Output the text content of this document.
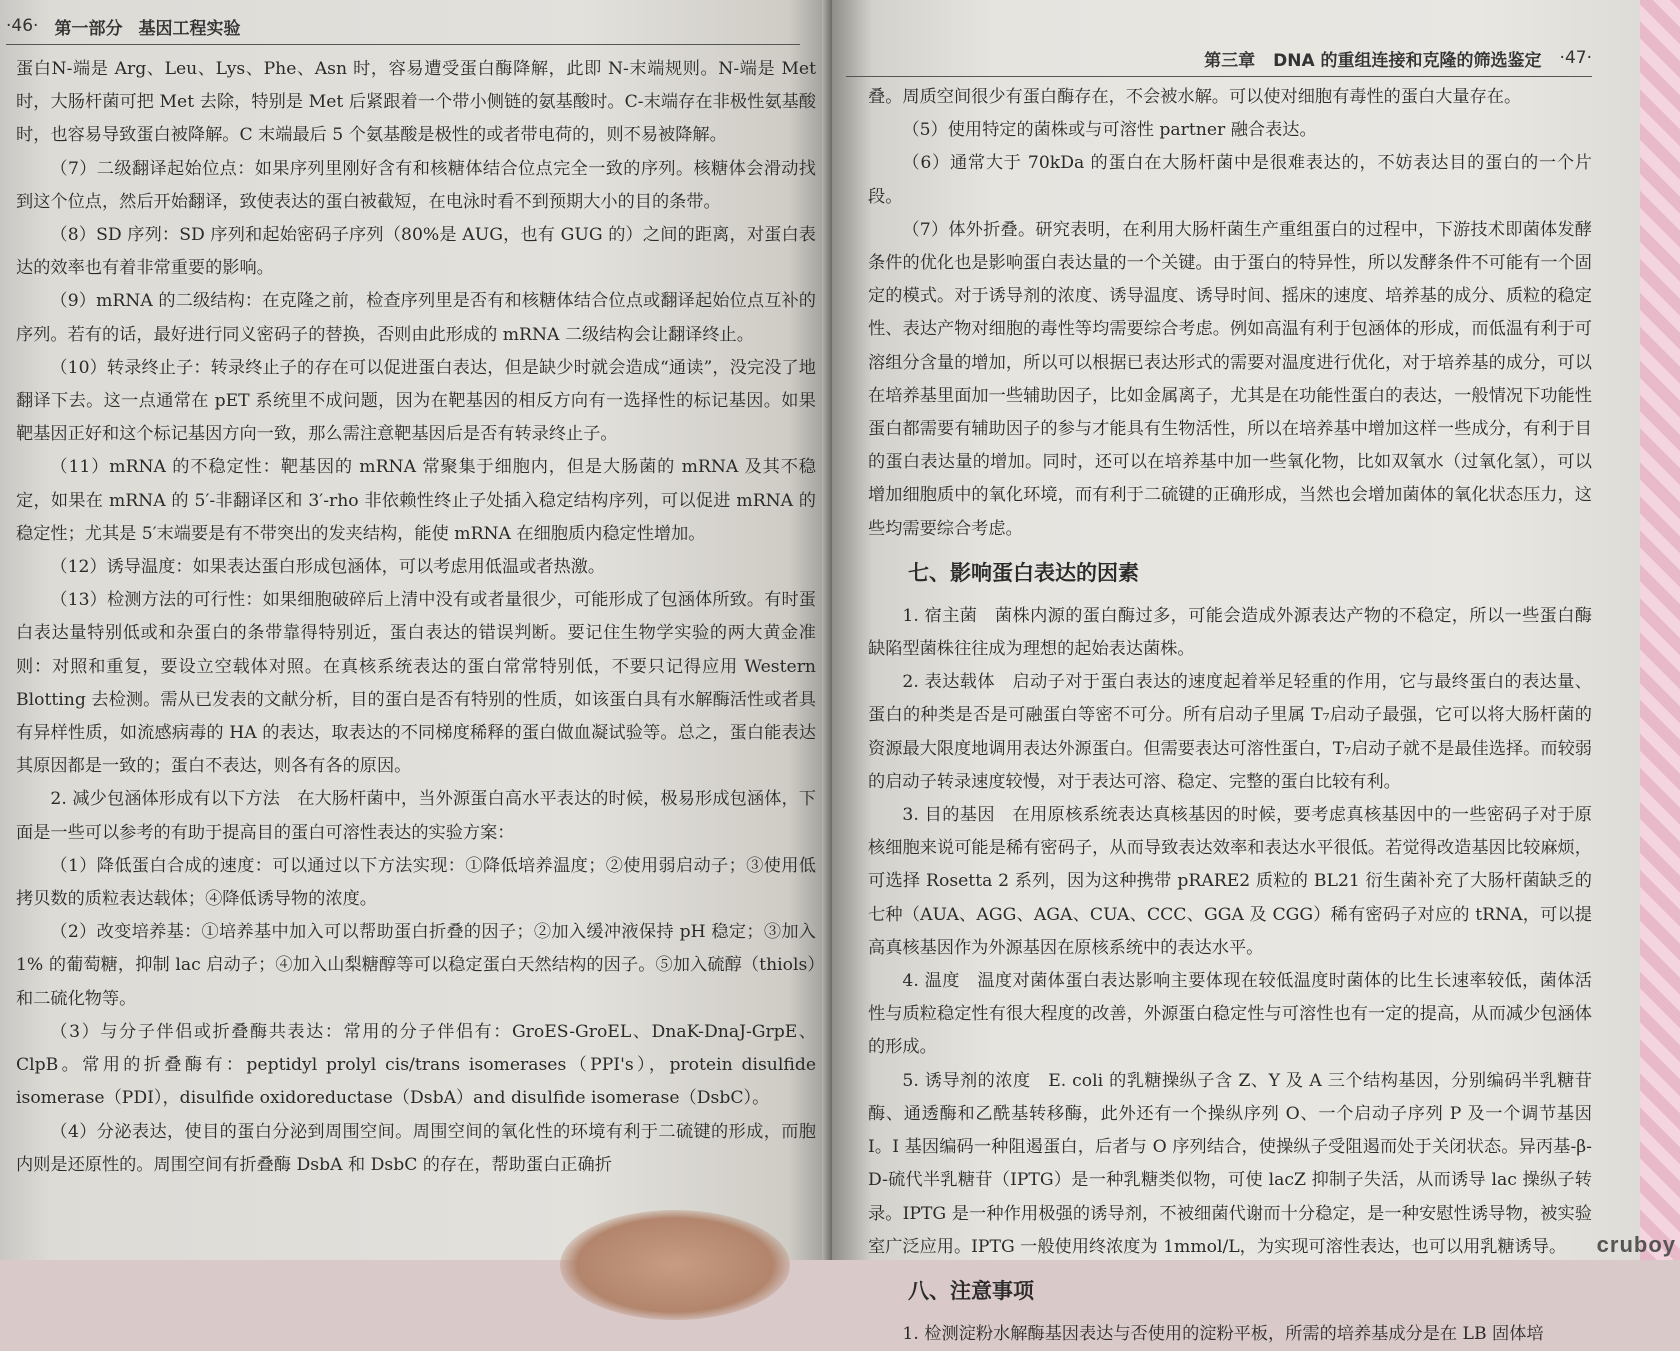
·46· 第一部分 基因工程实验

蛋白N-端是 Arg、Leu、Lys、Phe、Asn 时，容易遭受蛋白酶降解，此即 N-末端规则。N-端是 Met 时，大肠杆菌可把 Met 去除，特别是 Met 后紧跟着一个带小侧链的氨基酸时。C-末端存在非极性氨基酸时，也容易导致蛋白被降解。C 末端最后 5 个氨基酸是极性的或者带电荷的，则不易被降解。

（7）二级翻译起始位点：如果序列里刚好含有和核糖体结合位点完全一致的序列。核糖体会滑动找到这个位点，然后开始翻译，致使表达的蛋白被截短，在电泳时看不到预期大小的目的条带。

（8）SD 序列：SD 序列和起始密码子序列（80%是 AUG，也有 GUG 的）之间的距离，对蛋白表达的效率也有着非常重要的影响。

（9）mRNA 的二级结构：在克隆之前，检查序列里是否有和核糖体结合位点或翻译起始位点互补的序列。若有的话，最好进行同义密码子的替换，否则由此形成的 mRNA 二级结构会让翻译终止。

（10）转录终止子：转录终止子的存在可以促进蛋白表达，但是缺少时就会造成“通读”，没完没了地翻译下去。这一点通常在 pET 系统里不成问题，因为在靶基因的相反方向有一选择性的标记基因。如果靶基因正好和这个标记基因方向一致，那么需注意靶基因后是否有转录终止子。

（11）mRNA 的不稳定性：靶基因的 mRNA 常聚集于细胞内，但是大肠菌的 mRNA 及其不稳定，如果在 mRNA 的 5′-非翻译区和 3′-rho 非依赖性终止子处插入稳定结构序列，可以促进 mRNA 的稳定性；尤其是 5′末端要是有不带突出的发夹结构，能使 mRNA 在细胞质内稳定性增加。

（12）诱导温度：如果表达蛋白形成包涵体，可以考虑用低温或者热激。

（13）检测方法的可行性：如果细胞破碎后上清中没有或者量很少，可能形成了包涵体所致。有时蛋白表达量特别低或和杂蛋白的条带靠得特别近，蛋白表达的错误判断。要记住生物学实验的两大黄金准则：对照和重复，要设立空载体对照。在真核系统表达的蛋白常常特别低，不要只记得应用 Western Blotting 去检测。需从已发表的文献分析，目的蛋白是否有特别的性质，如该蛋白具有水解酶活性或者具有异样性质，如流感病毒的 HA 的表达，取表达的不同梯度稀释的蛋白做血凝试验等。总之，蛋白能表达其原因都是一致的；蛋白不表达，则各有各的原因。

2. 减少包涵体形成有以下方法　在大肠杆菌中，当外源蛋白高水平表达的时候，极易形成包涵体，下面是一些可以参考的有助于提高目的蛋白可溶性表达的实验方案：

（1）降低蛋白合成的速度：可以通过以下方法实现：①降低培养温度；②使用弱启动子；③使用低拷贝数的质粒表达载体；④降低诱导物的浓度。

（2）改变培养基：①培养基中加入可以帮助蛋白折叠的因子；②加入缓冲液保持 pH 稳定；③加入 1% 的葡萄糖，抑制 lac 启动子；④加入山梨糖醇等可以稳定蛋白天然结构的因子。⑤加入硫醇（thiols）和二硫化物等。

（3）与分子伴侣或折叠酶共表达：常用的分子伴侣有：GroES-GroEL、DnaK-DnaJ-GrpE、ClpB。常用的折叠酶有：peptidyl prolyl cis/trans isomerases（PPI's），protein disulfide isomerase（PDI），disulfide oxidoreductase（DsbA）and disulfide isomerase（DsbC）。

（4）分泌表达，使目的蛋白分泌到周围空间。周围空间的氧化性的环境有利于二硫键的形成，而胞内则是还原性的。周围空间有折叠酶 DsbA 和 DsbC 的存在，帮助蛋白正确折

第三章 DNA 的重组连接和克隆的筛选鉴定 ·47·

叠。周质空间很少有蛋白酶存在，不会被水解。可以使对细胞有毒性的蛋白大量存在。

（5）使用特定的菌株或与可溶性 partner 融合表达。

（6）通常大于 70kDa 的蛋白在大肠杆菌中是很难表达的，不妨表达目的蛋白的一个片段。

（7）体外折叠。研究表明，在利用大肠杆菌生产重组蛋白的过程中，下游技术即菌体发酵条件的优化也是影响蛋白表达量的一个关键。由于蛋白的特异性，所以发酵条件不可能有一个固定的模式。对于诱导剂的浓度、诱导温度、诱导时间、摇床的速度、培养基的成分、质粒的稳定性、表达产物对细胞的毒性等均需要综合考虑。例如高温有利于包涵体的形成，而低温有利于可溶组分含量的增加，所以可以根据已表达形式的需要对温度进行优化，对于培养基的成分，可以在培养基里面加一些辅助因子，比如金属离子，尤其是在功能性蛋白的表达，一般情况下功能性蛋白都需要有辅助因子的参与才能具有生物活性，所以在培养基中增加这样一些成分，有利于目的蛋白表达量的增加。同时，还可以在培养基中加一些氧化物，比如双氧水（过氧化氢），可以增加细胞质中的氧化环境，而有利于二硫键的正确形成，当然也会增加菌体的氧化状态压力，这些均需要综合考虑。

七、影响蛋白表达的因素

1. 宿主菌　菌株内源的蛋白酶过多，可能会造成外源表达产物的不稳定，所以一些蛋白酶缺陷型菌株往往成为理想的起始表达菌株。

2. 表达载体　启动子对于蛋白表达的速度起着举足轻重的作用，它与最终蛋白的表达量、蛋白的种类是否是可融蛋白等密不可分。所有启动子里属 T₇启动子最强，它可以将大肠杆菌的资源最大限度地调用表达外源蛋白。但需要表达可溶性蛋白，T₇启动子就不是最佳选择。而较弱的启动子转录速度较慢，对于表达可溶、稳定、完整的蛋白比较有利。

3. 目的基因　在用原核系统表达真核基因的时候，要考虑真核基因中的一些密码子对于原核细胞来说可能是稀有密码子，从而导致表达效率和表达水平很低。若觉得改造基因比较麻烦，可选择 Rosetta 2 系列，因为这种携带 pRARE2 质粒的 BL21 衍生菌补充了大肠杆菌缺乏的七种（AUA、AGG、AGA、CUA、CCC、GGA 及 CGG）稀有密码子对应的 tRNA，可以提高真核基因作为外源基因在原核系统中的表达水平。

4. 温度　温度对菌体蛋白表达影响主要体现在较低温度时菌体的比生长速率较低，菌体活性与质粒稳定性有很大程度的改善，外源蛋白稳定性与可溶性也有一定的提高，从而减少包涵体的形成。

5. 诱导剂的浓度　E. coli 的乳糖操纵子含 Z、Y 及 A 三个结构基因，分别编码半乳糖苷酶、通透酶和乙酰基转移酶，此外还有一个操纵序列 O、一个启动子序列 P 及一个调节基因 I。I 基因编码一种阻遏蛋白，后者与 O 序列结合，使操纵子受阻遏而处于关闭状态。异丙基-β-D-硫代半乳糖苷（IPTG）是一种乳糖类似物，可使 lacZ 抑制子失活，从而诱导 lac 操纵子转录。IPTG 是一种作用极强的诱导剂，不被细菌代谢而十分稳定，是一种安慰性诱导物，被实验室广泛应用。IPTG 一般使用终浓度为 1mmol/L，为实现可溶性表达，也可以用乳糖诱导。

八、注意事项

1. 检测淀粉水解酶基因表达与否使用的淀粉平板，所需的培养基成分是在 LB 固体培

cruboy
